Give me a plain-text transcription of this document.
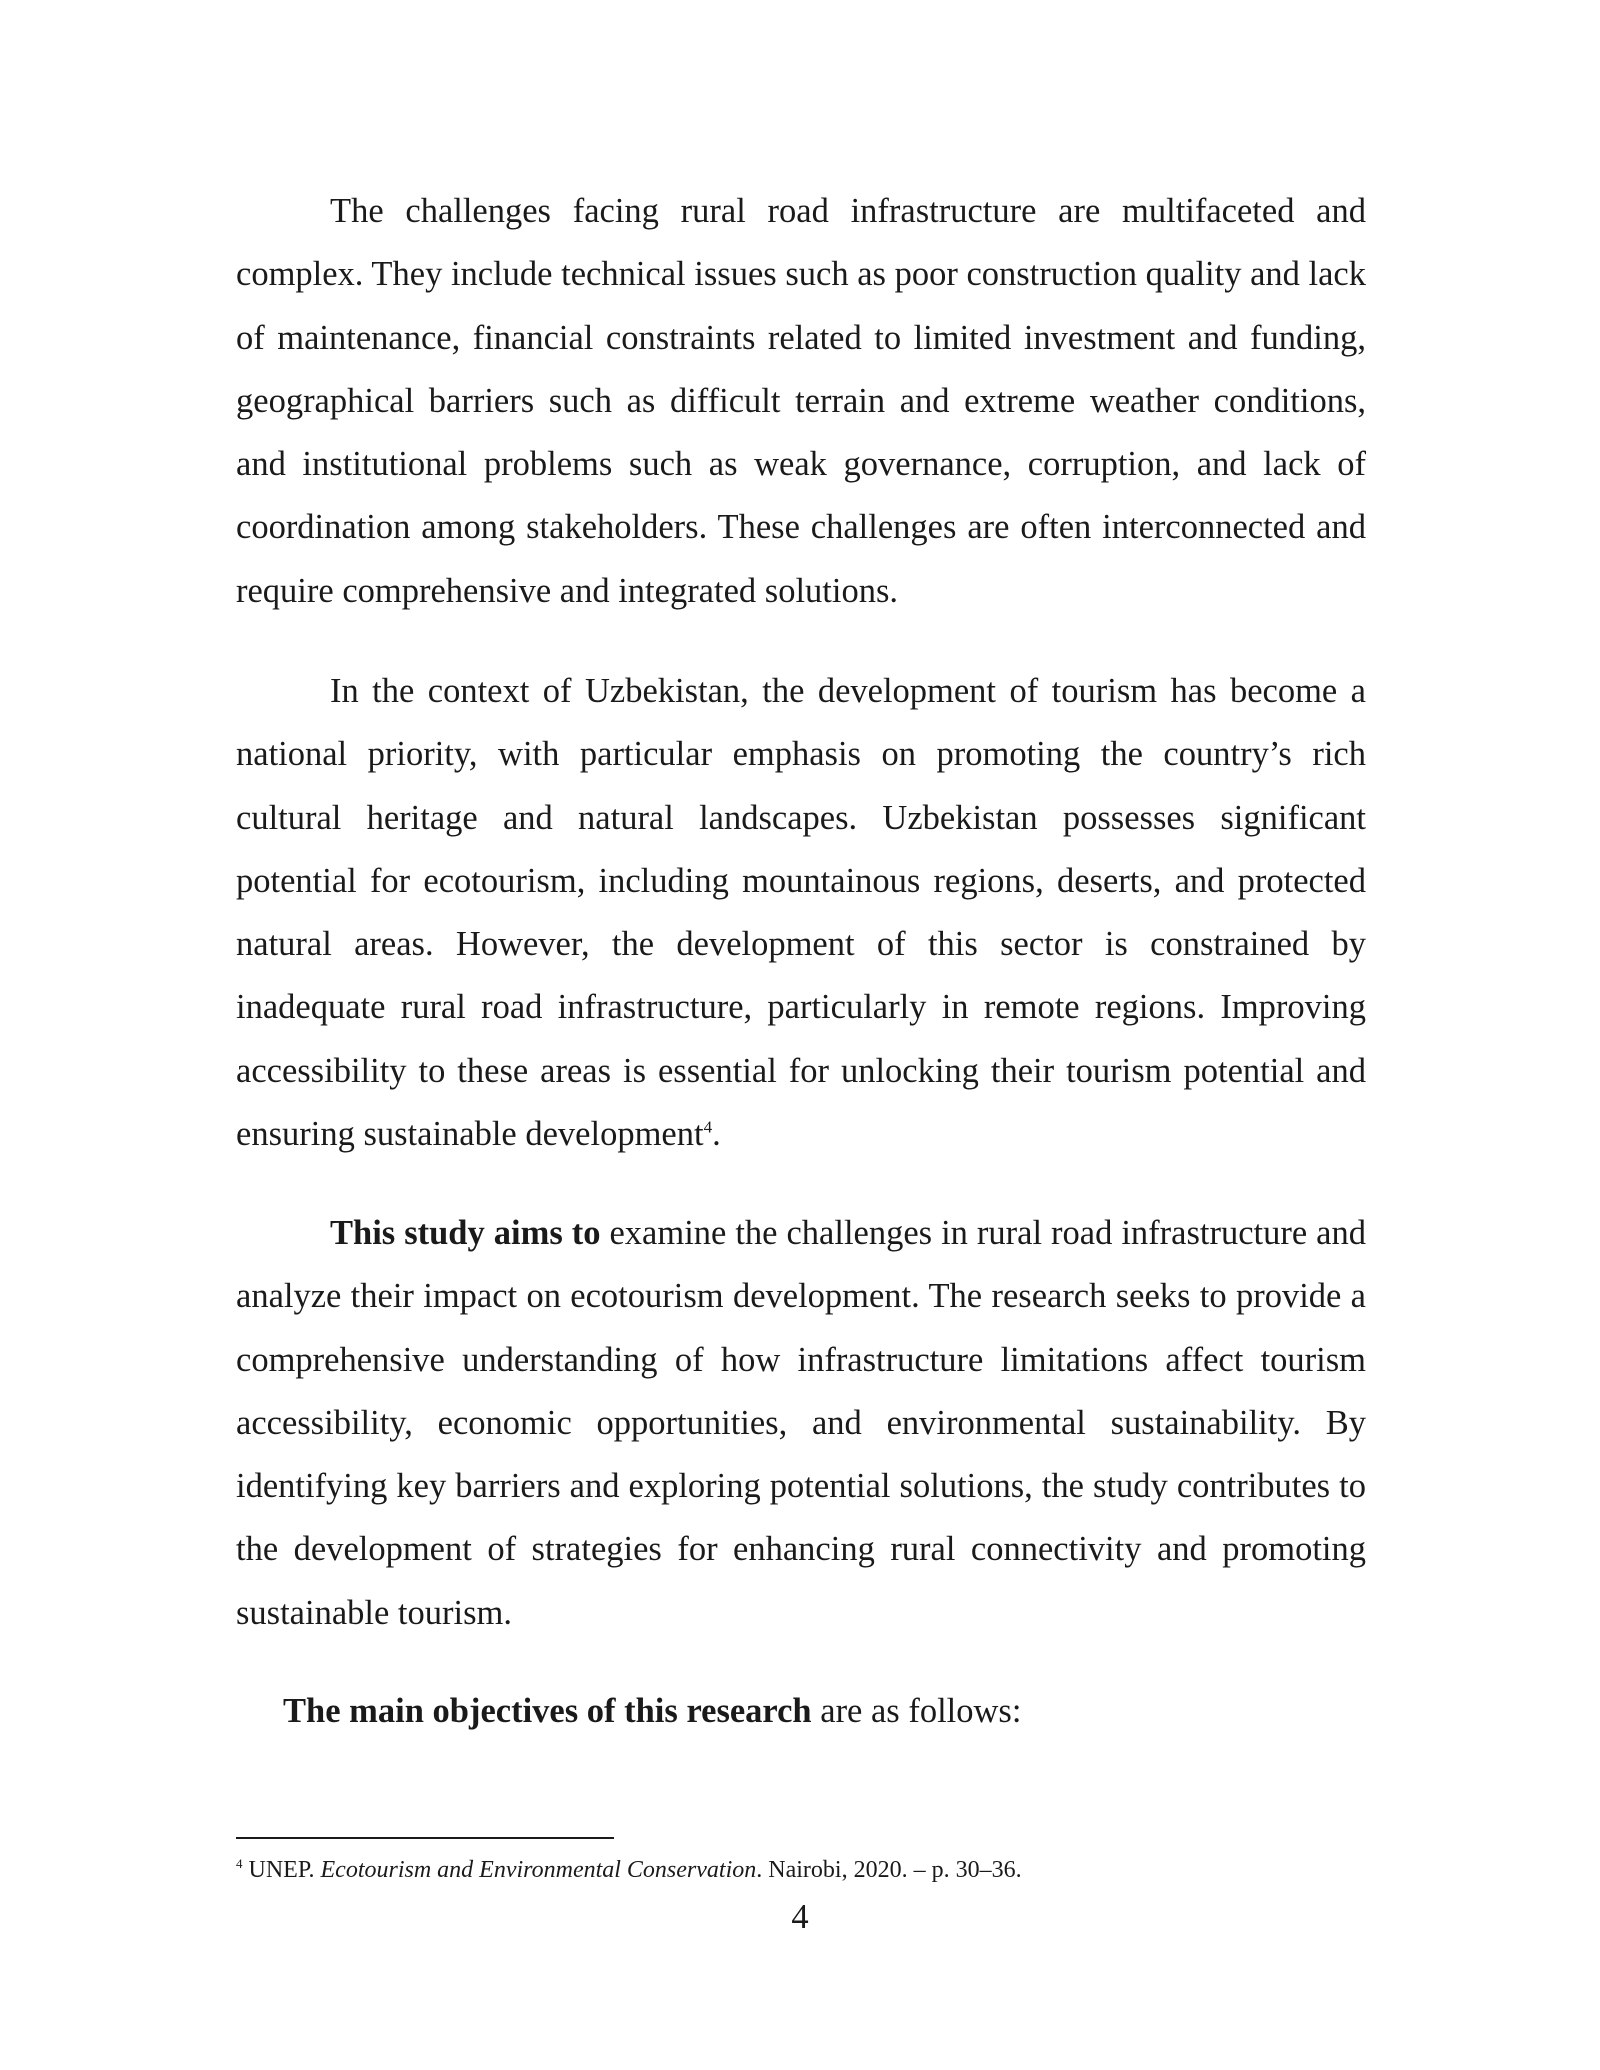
The challenges facing rural road infrastructure are multifaceted and complex. They include technical issues such as poor construction quality and lack of maintenance, financial constraints related to limited investment and funding, geographical barriers such as difficult terrain and extreme weather conditions, and institutional problems such as weak governance, corruption, and lack of coordination among stakeholders. These challenges are often interconnected and require comprehensive and integrated solutions.

In the context of Uzbekistan, the development of tourism has become a national priority, with particular emphasis on promoting the country’s rich cultural heritage and natural landscapes. Uzbekistan possesses significant potential for ecotourism, including mountainous regions, deserts, and protected natural areas. However, the development of this sector is constrained by inadequate rural road infrastructure, particularly in remote regions. Improving accessibility to these areas is essential for unlocking their tourism potential and ensuring sustainable development$^4$.

This study aims to examine the challenges in rural road infrastructure and analyze their impact on ecotourism development. The research seeks to provide a comprehensive understanding of how infrastructure limitations affect tourism accessibility, economic opportunities, and environmental sustainability. By identifying key barriers and exploring potential solutions, the study contributes to the development of strategies for enhancing rural connectivity and promoting sustainable tourism.

The main objectives of this research are as follows:

$^4$ UNEP. Ecotourism and Environmental Conservation. Nairobi, 2020. – p. 30–36.

4
